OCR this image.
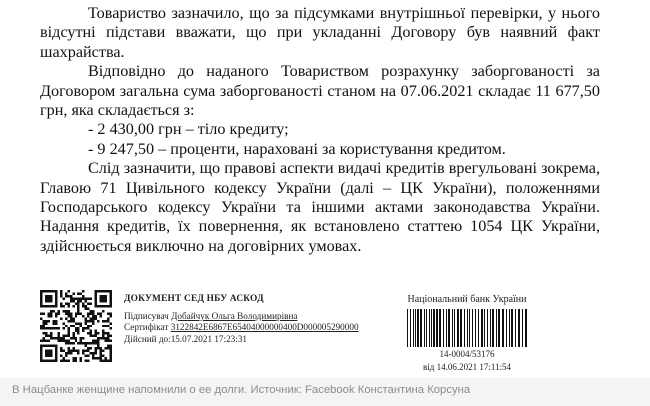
Товариство зазначило, що за підсумками внутрішньої перевірки, у нього відсутні підстави вважати, що при укладанні Договору був наявний факт шахрайства.

Відповідно до наданого Товариством розрахунку заборгованості за Договором загальна сума заборгованості станом на 07.06.2021 складає 11 677,50 грн, яка складається з:

- 2 430,00 грн – тіло кредиту;

- 9 247,50 – проценти, нараховані за користування кредитом.

Слід зазначити, що правові аспекти видачі кредитів врегульовані зокрема, Главою 71 Цивільного кодексу України (далі – ЦК України), положеннями Господарського кодексу України та іншими актами законодавства України. Надання кредитів, їх повернення, як встановлено статтею 1054 ЦК України, здійснюється виключно на договірних умовах.

ДОКУМЕНТ СЕД НБУ АСКОД
Підписувач Добайчук Ольга Володимирівна
Сертифікат 3122842E6867E65404000000400D000005290000
Дійсний до:15.07.2021 17:23:31
Національний банк України
14-0004/53176
від 14.06.2021 17:11:54
В Нацбанке женщине напомнили о ее долги. Источник: Facebook Константина Корсуна
